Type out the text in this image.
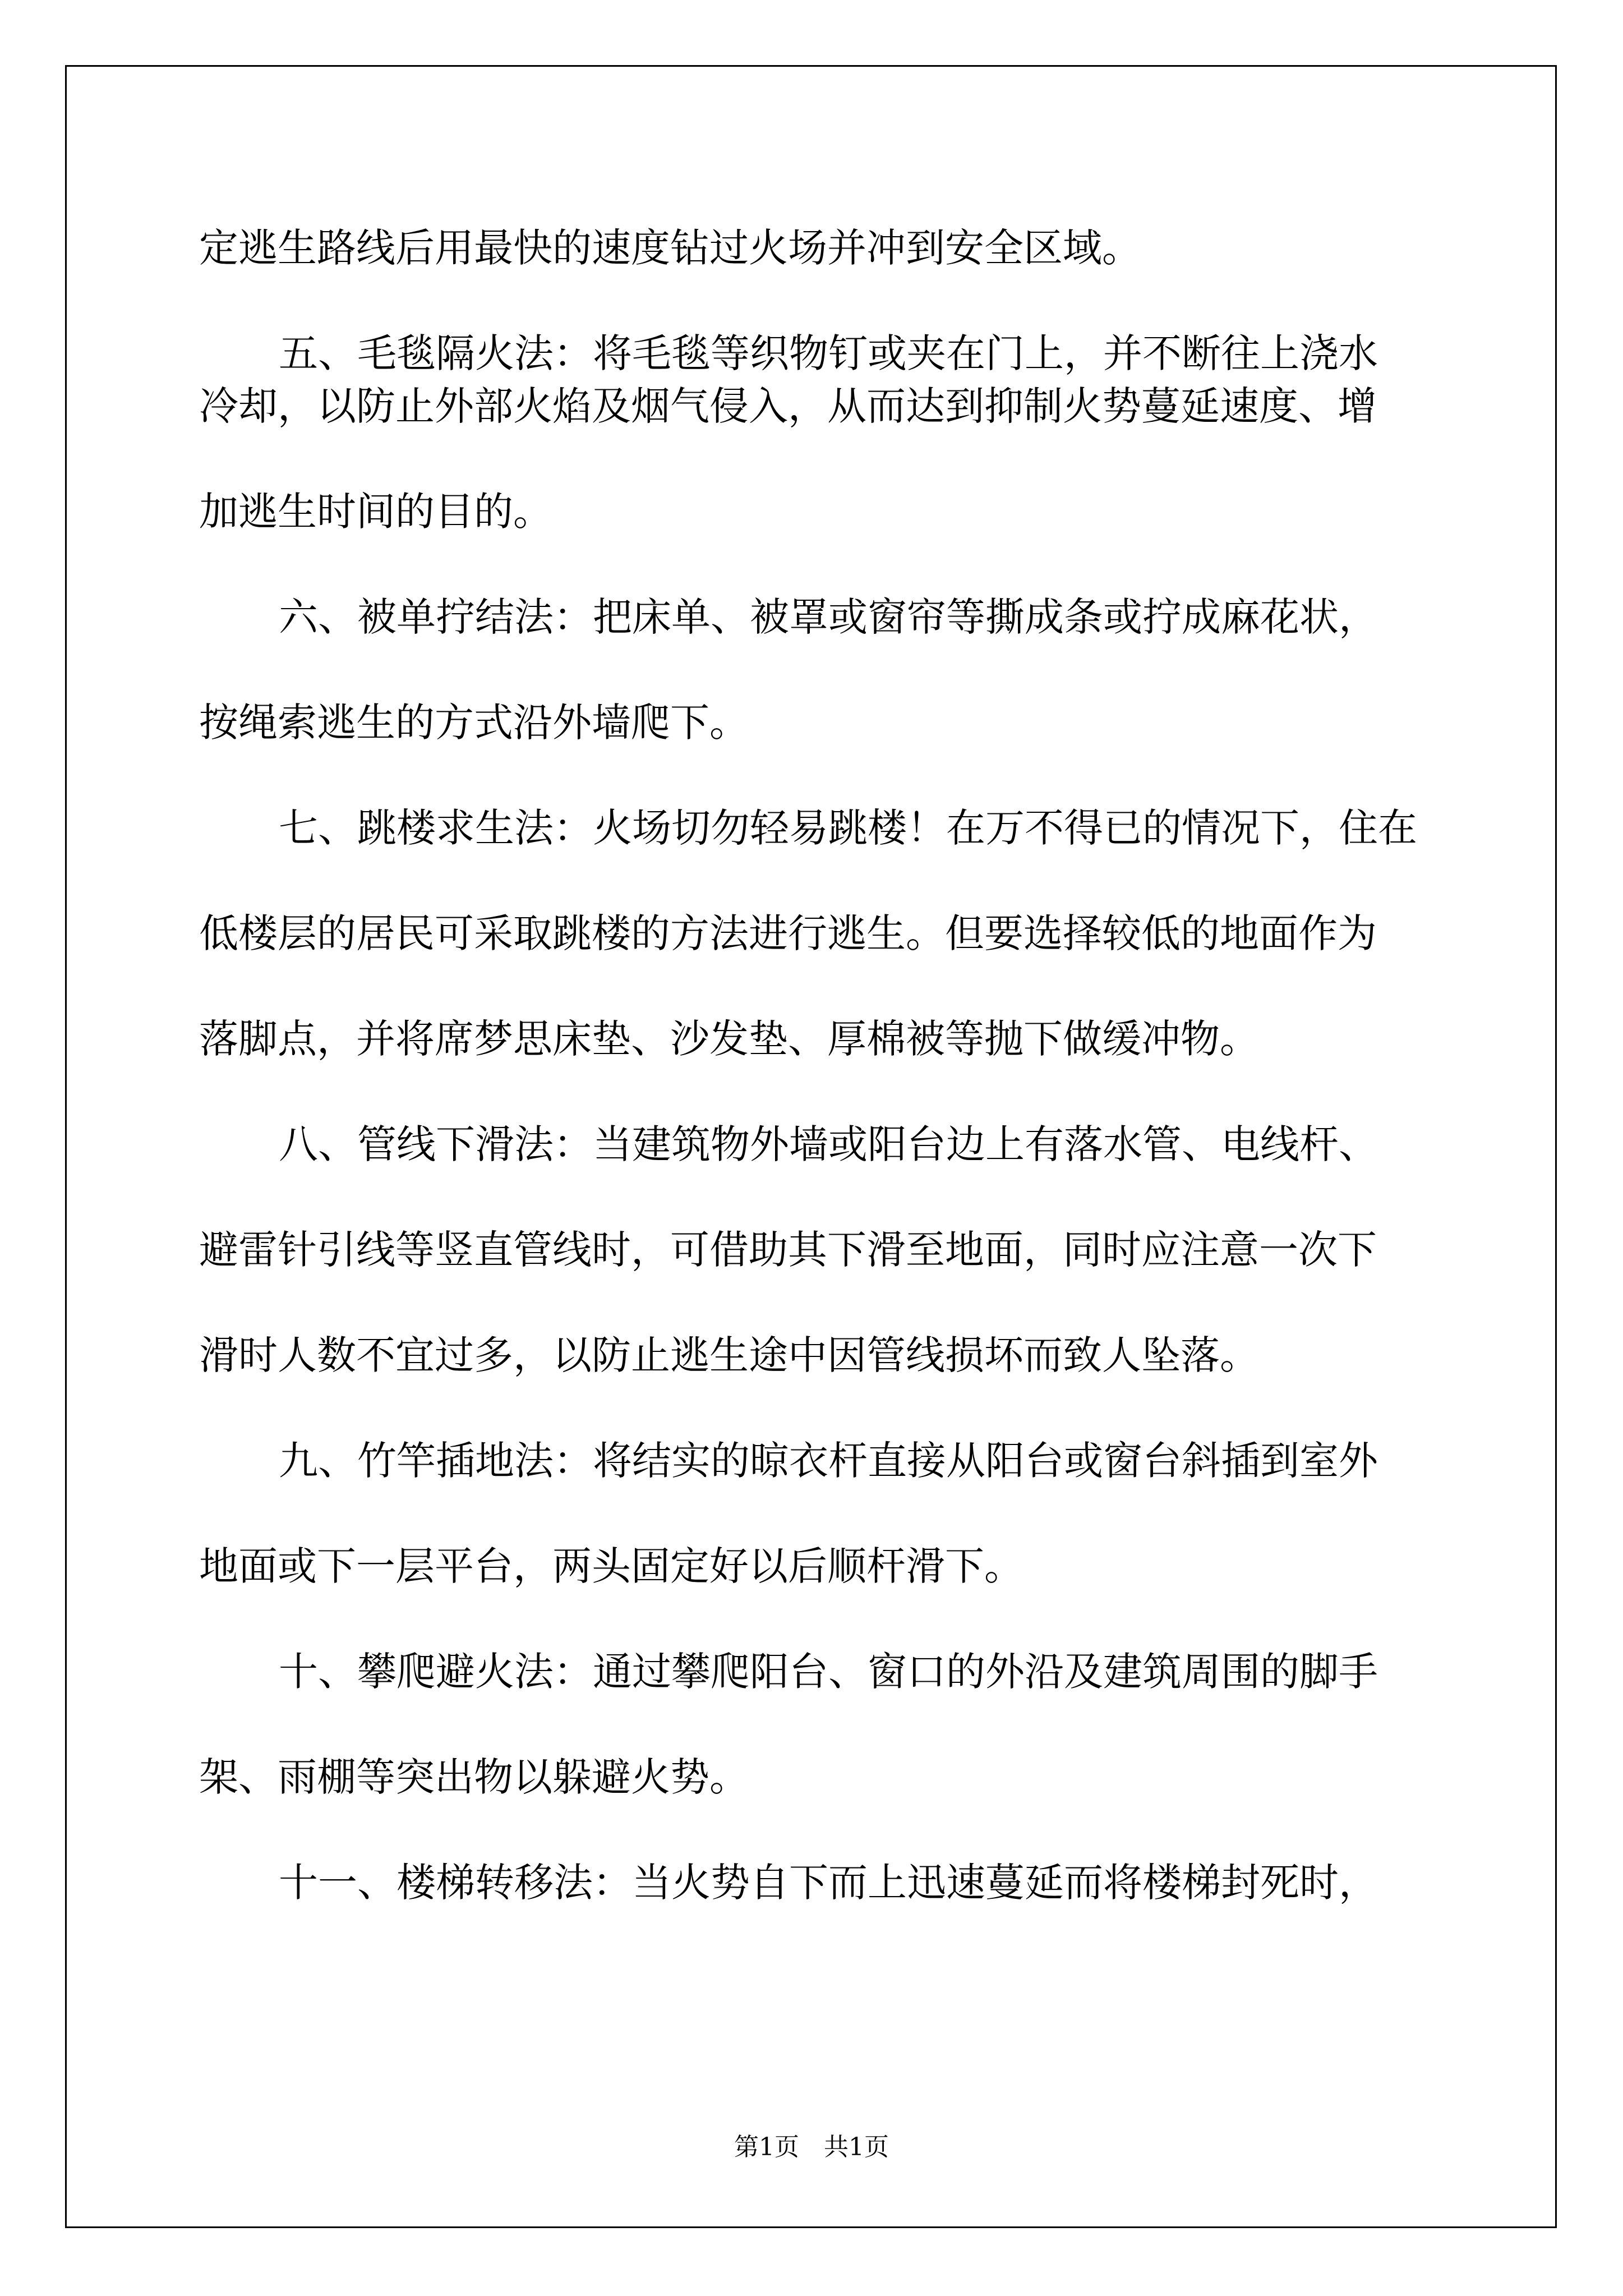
定逃生路线后用最快的速度钻过火场并冲到安全区域。

五、毛毯隔火法：将毛毯等织物钉或夹在门上，并不断往上浇水

冷却，以防止外部火焰及烟气侵入，从而达到抑制火势蔓延速度、增

加逃生时间的目的。

六、被单拧结法：把床单、被罩或窗帘等撕成条或拧成麻花状，

按绳索逃生的方式沿外墙爬下。

七、跳楼求生法：火场切勿轻易跳楼！在万不得已的情况下，住在

低楼层的居民可采取跳楼的方法进行逃生。但要选择较低的地面作为

落脚点，并将席梦思床垫、沙发垫、厚棉被等抛下做缓冲物。

八、管线下滑法：当建筑物外墙或阳台边上有落水管、电线杆、

避雷针引线等竖直管线时，可借助其下滑至地面，同时应注意一次下

滑时人数不宜过多，以防止逃生途中因管线损坏而致人坠落。

九、竹竿插地法：将结实的晾衣杆直接从阳台或窗台斜插到室外

地面或下一层平台，两头固定好以后顺杆滑下。

十、攀爬避火法：通过攀爬阳台、窗口的外沿及建筑周围的脚手

架、雨棚等突出物以躲避火势。

十一、楼梯转移法：当火势自下而上迅速蔓延而将楼梯封死时，

第1页　共1页
